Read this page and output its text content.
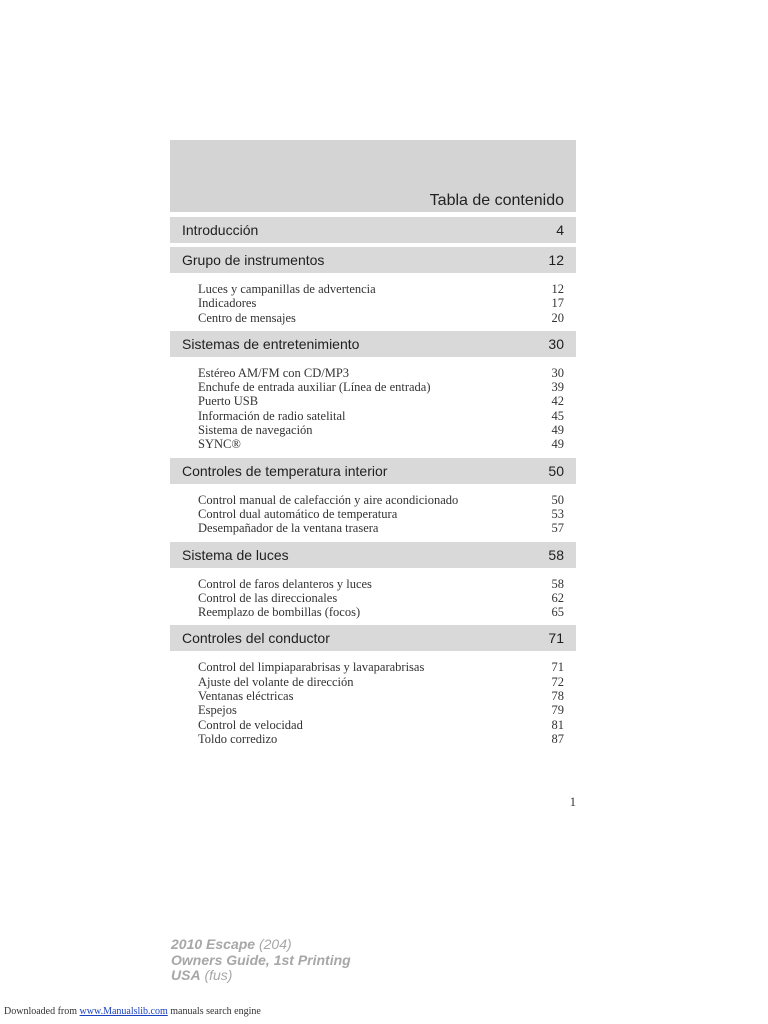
Tabla de contenido
Introducción	4
Grupo de instrumentos	12
Luces y campanillas de advertencia	12
Indicadores	17
Centro de mensajes	20
Sistemas de entretenimiento	30
Estéreo AM/FM con CD/MP3	30
Enchufe de entrada auxiliar (Línea de entrada)	39
Puerto USB	42
Información de radio satelital	45
Sistema de navegación	49
SYNC®	49
Controles de temperatura interior	50
Control manual de calefacción y aire acondicionado	50
Control dual automático de temperatura	53
Desempañador de la ventana trasera	57
Sistema de luces	58
Control de faros delanteros y luces	58
Control de las direccionales	62
Reemplazo de bombillas (focos)	65
Controles del conductor	71
Control del limpiaparabrisas y lavaparabrisas	71
Ajuste del volante de dirección	72
Ventanas eléctricas	78
Espejos	79
Control de velocidad	81
Toldo corredizo	87
1
2010 Escape (204)
Owners Guide, 1st Printing
USA (fus)
Downloaded from www.Manualslib.com manuals search engine
